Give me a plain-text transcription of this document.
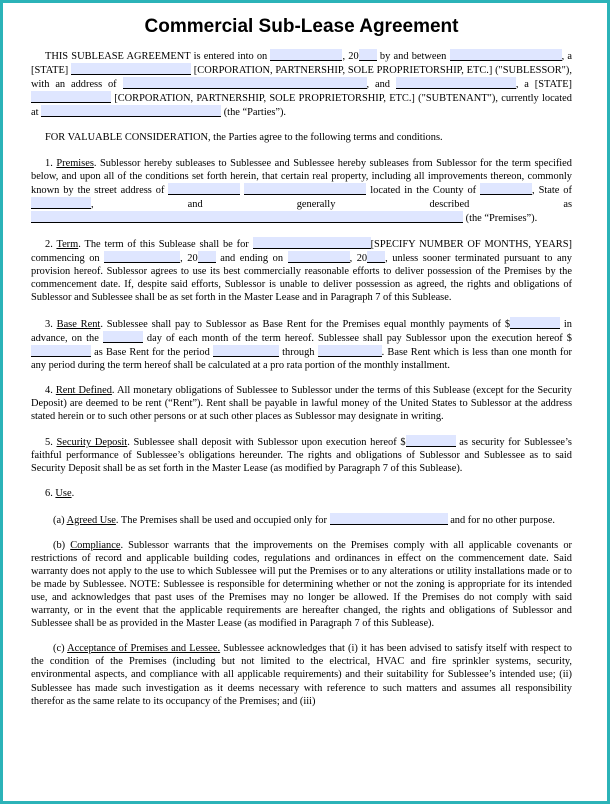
Commercial Sub-Lease Agreement

THIS SUBLEASE AGREEMENT is entered into on	, 20 by and between	, a [STATE]	[CORPORATION, PARTNERSHIP, SOLE PROPRIETORSHIP, ETC.] ("SUBLESSOR"), with an address of	, and	, a [STATE]  [CORPORATION, PARTNERSHIP, SOLE PROPRIETORSHIP, ETC.] ("SUBTENANT"), currently located at	(the “Parties”).

FOR VALUABLE CONSIDERATION, the Parties agree to the following terms and conditions.

1. Premises. Sublessor hereby subleases to Sublessee and Sublessee hereby subleases from Sublessor for the term specified below, and upon all of the conditions set forth herein, that certain real property, including all improvements thereon, commonly known by the street address of	located in the County of	, State of , and generally described as  (the “Premises”).

2. Term. The term of this Sublease shall be for	[SPECIFY NUMBER OF MONTHS, YEARS] commencing on	, 20 and ending on	, 20 , unless sooner terminated pursuant to any provision hereof. Sublessor agrees to use its best commercially reasonable efforts to deliver possession of the Premises by the commencement date. If, despite said efforts, Sublessor is unable to deliver possession as agreed, the rights and obligations of Sublessor and Sublessee shall be as set forth in the Master Lease and in Paragraph 7 of this Sublease.

3. Base Rent. Sublessee shall pay to Sublessor as Base Rent for the Premises equal monthly payments of $	in advance, on the	day of each month of the term hereof. Sublessee shall pay Sublessor upon the execution hereof $ as Base Rent for the period	through	. Base Rent which is less than one month for any period during the term hereof shall be calculated at a pro rata portion of the monthly installment.

4. Rent Defined. All monetary obligations of Sublessee to Sublessor under the terms of this Sublease (except for the Security Deposit) are deemed to be rent (“Rent”). Rent shall be payable in lawful money of the United States to Sublessor at the address stated herein or to such other persons or at such other places as Sublessor may designate in writing.

5. Security Deposit. Sublessee shall deposit with Sublessor upon execution hereof $	as security for Sublessee’s faithful performance of Sublessee’s obligations hereunder. The rights and obligations of Sublessor and Sublessee as to said Security Deposit shall be as set forth in the Master Lease (as modified by Paragraph 7 of this Sublease).

6. Use.

(a) Agreed Use. The Premises shall be used and occupied only for	and for no other purpose.

(b) Compliance. Sublessor warrants that the improvements on the Premises comply with all applicable covenants or restrictions of record and applicable building codes, regulations and ordinances in effect on the commencement date. Said warranty does not apply to the use to which Sublessee will put the Premises or to any alterations or utility installations made or to be made by Sublessee. NOTE: Sublessee is responsible for determining whether or not the zoning is appropriate for its intended use, and acknowledges that past uses of the Premises may no longer be allowed. If the Premises do not comply with said warranty, or in the event that the applicable requirements are hereafter changed, the rights and obligations of Sublessor and Sublessee shall be as provided in the Master Lease (as modified in Paragraph 7 of this Sublease).

(c) Acceptance of Premises and Lessee. Sublessee acknowledges that (i) it has been advised to satisfy itself with respect to the condition of the Premises (including but not limited to the electrical, HVAC and fire sprinkler systems, security, environmental aspects, and compliance with all applicable requirements) and their suitability for Sublessee’s intended use; (ii) Sublessee has made such investigation as it deems necessary with reference to such matters and assumes all responsibility therefor as the same relate to its occupancy of the Premises; and (iii)
